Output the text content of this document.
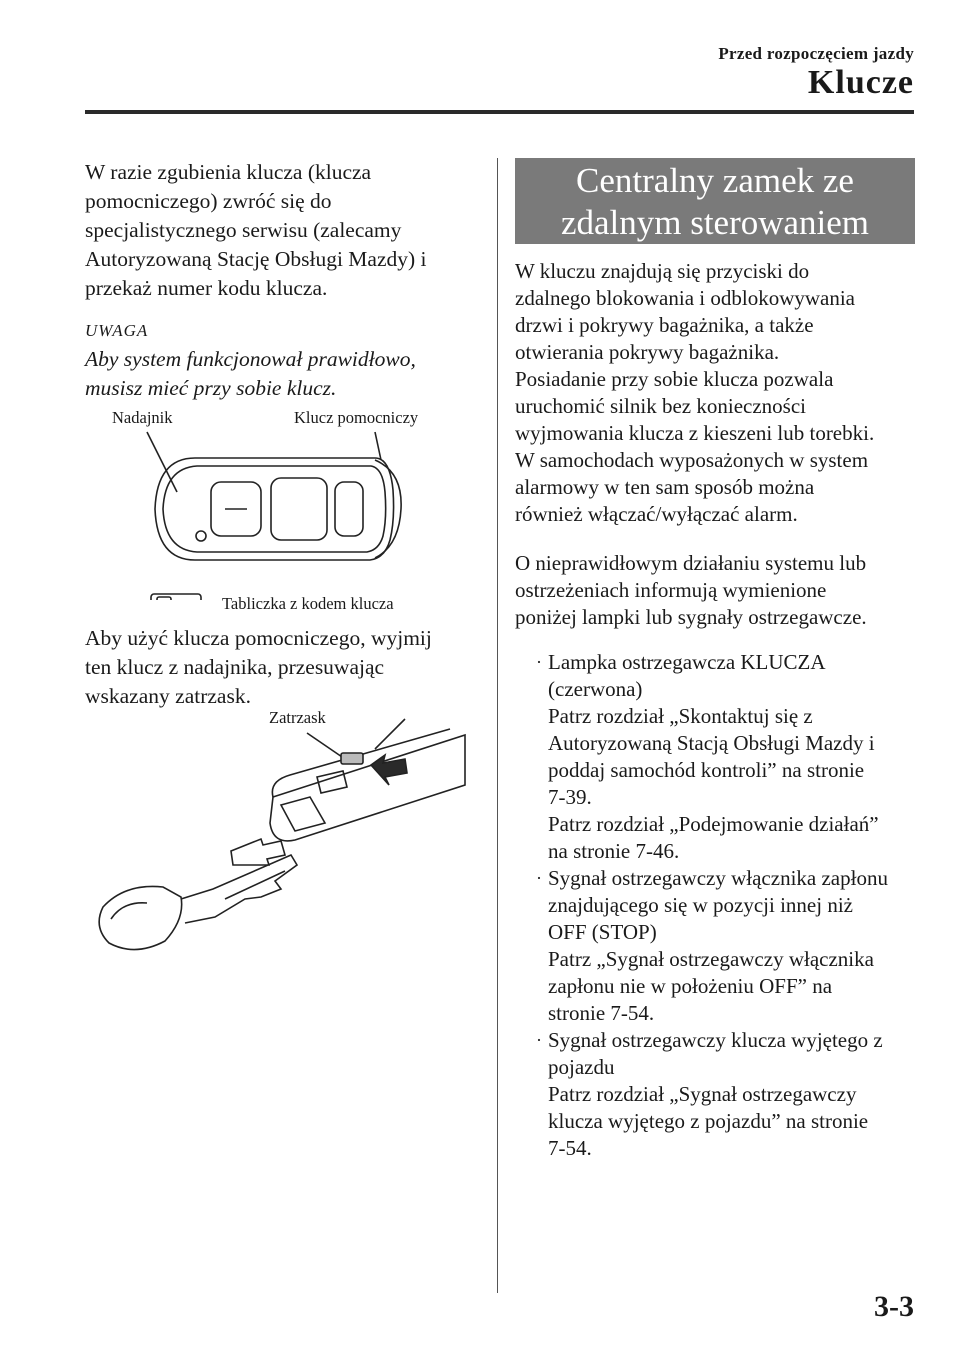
Przed rozpoczęciem jazdy
Klucze

W razie zgubienia klucza (klucza
pomocniczego) zwróć się do
specjalistycznego serwisu (zalecamy
Autoryzowaną Stację Obsługi Mazdy) i
przekaż numer kodu klucza.

UWAGA

Aby system funkcjonował prawidłowo,
musisz mieć przy sobie klucz.

Nadajnik	Klucz pomocniczy
Tabliczka z kodem klucza

Aby użyć klucza pomocniczego, wyjmij
ten klucz z nadajnika, przesuwając
wskazany zatrzask.

Zatrzask
Centralny zamek ze
zdalnym sterowaniem

W kluczu znajdują się przyciski do
zdalnego blokowania i odblokowywania
drzwi i pokrywy bagażnika, a także
otwierania pokrywy bagażnika.
Posiadanie przy sobie klucza pozwala
uruchomić silnik bez konieczności
wyjmowania klucza z kieszeni lub torebki.
W samochodach wyposażonych w system
alarmowy w ten sam sposób można
również włączać/wyłączać alarm.

O nieprawidłowym działaniu systemu lub
ostrzeżeniach informują wymienione
poniżej lampki lub sygnały ostrzegawcze.

· Lampka ostrzegawcza KLUCZA
(czerwona)
Patrz rozdział „Skontaktuj się z
Autoryzowaną Stacją Obsługi Mazdy i
poddaj samochód kontroli” na stronie
7-39.
Patrz rozdział „Podejmowanie działań”
na stronie 7-46.
· Sygnał ostrzegawczy włącznika zapłonu
znajdującego się w pozycji innej niż
OFF (STOP)
Patrz „Sygnał ostrzegawczy włącznika
zapłonu nie w położeniu OFF” na
stronie 7-54.
· Sygnał ostrzegawczy klucza wyjętego z
pojazdu
Patrz rozdział „Sygnał ostrzegawczy
klucza wyjętego z pojazdu” na stronie
7-54.
3-3
